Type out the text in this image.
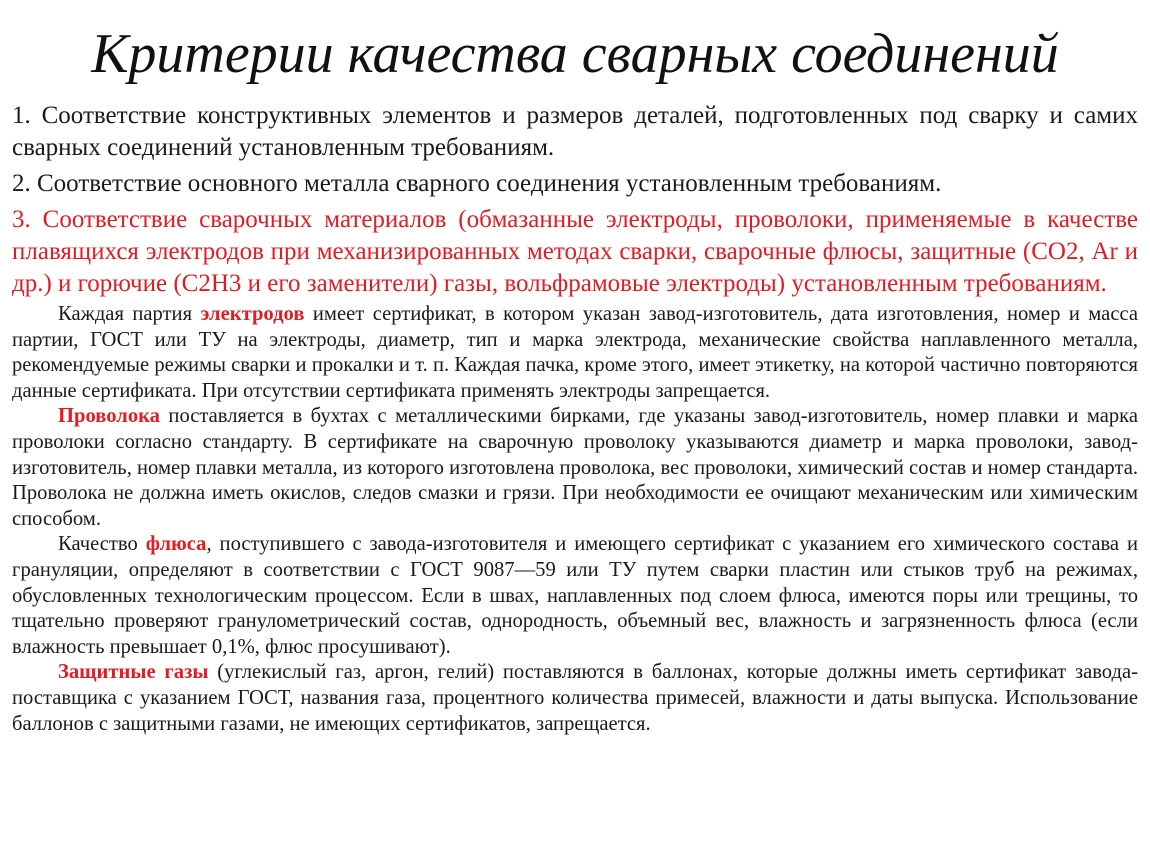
Критерии качества сварных соединений

1. Соответствие конструктивных элементов и размеров деталей, подготовленных под сварку и самих сварных соединений установленным требованиям.

2. Соответствие основного металла сварного соединения установленным требованиям.

3. Соответствие сварочных материалов (обмазанные электроды, проволоки, применяемые в качестве плавящихся электродов при механизированных методах сварки, сварочные флюсы, защитные (СО2, Аr и др.) и горючие (С2Н3 и его заменители) газы, вольфрамовые электроды) установленным требованиям.

Каждая партия электродов имеет сертификат, в котором указан завод-изготовитель, дата изготовления, номер и масса партии, ГОСТ или ТУ на электроды, диаметр, тип и марка электрода, механические свойства наплавленного металла, рекомендуемые режимы сварки и прокалки и т. п. Каждая пачка, кроме этого, имеет этикетку, на которой частично повторяются данные сертификата. При отсутствии сертификата применять электроды запрещается.

Проволока поставляется в бухтах с металлическими бирками, где указаны завод-изготовитель, номер плавки и марка проволоки согласно стандарту. В сертификате на сварочную проволоку указываются диаметр и марка проволоки, завод-изготовитель, номер плавки металла, из которого изготовлена проволока, вес проволоки, химический состав и номер стандарта. Проволока не должна иметь окислов, следов смазки и грязи. При необходимости ее очищают механическим или химическим способом.

Качество флюса, поступившего с завода-изготовителя и имеющего сертификат с указанием его химического состава и грануляции, определяют в соответствии с ГОСТ 9087—59 или ТУ путем сварки пластин или стыков труб на режимах, обусловленных технологическим процессом. Если в швах, наплавленных под слоем флюса, имеются поры или трещины, то тщательно проверяют гранулометрический состав, однородность, объемный вес, влажность и загрязненность флюса (если влажность превышает 0,1%, флюс просушивают).

Защитные газы (углекислый газ, аргон, гелий) поставляются в баллонах, которые должны иметь сертификат завода-поставщика с указанием ГОСТ, названия газа, процентного количества примесей, влажности и даты выпуска. Использование баллонов с защитными газами, не имеющих сертификатов, запрещается.
